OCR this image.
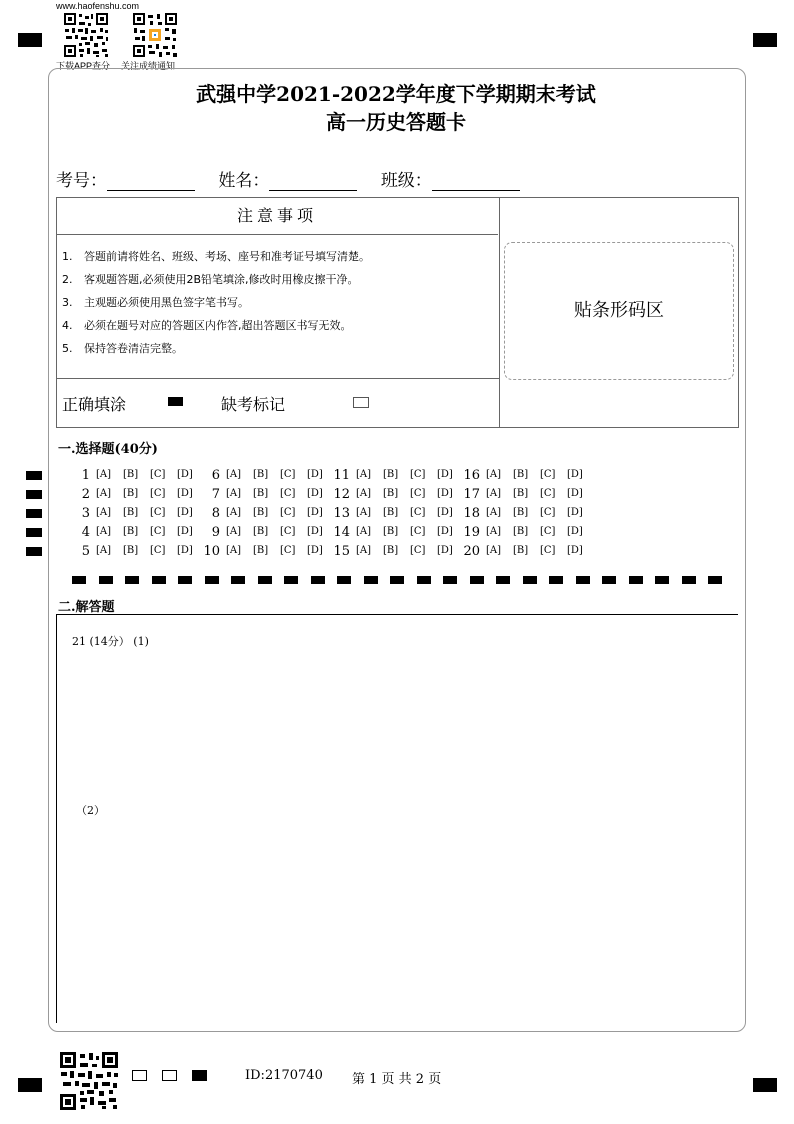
www.haofenshu.com
下载APP查分 关注成绩通知
武强中学2021-2022学年度下学期期末考试
高一历史答题卡
考号：	姓名：	班级：
注意事项
1. 答题前请将姓名、班级、考场、座号和准考证号填写清楚。
2. 客观题答题,必须使用2B铅笔填涂,修改时用橡皮擦干净。
3. 主观题必须使用黑色签字笔书写。
4. 必须在题号对应的答题区内作答,超出答题区书写无效。
5. 保持答卷清洁完整。
正确填涂	缺考标记
贴条形码区
一.选择题(40分)
1 [A] [B] [C] [D]
2 [A] [B] [C] [D]
3 [A] [B] [C] [D]
4 [A] [B] [C] [D]
5 [A] [B] [C] [D]
6 [A] [B] [C] [D]
7 [A] [B] [C] [D]
8 [A] [B] [C] [D]
9 [A] [B] [C] [D]
10 [A] [B] [C] [D]
11 [A] [B] [C] [D]
12 [A] [B] [C] [D]
13 [A] [B] [C] [D]
14 [A] [B] [C] [D]
15 [A] [B] [C] [D]
16 [A] [B] [C] [D]
17 [A] [B] [C] [D]
18 [A] [B] [C] [D]
19 [A] [B] [C] [D]
20 [A] [B] [C] [D]
二.解答题
21 (14分） (1)
（2）
ID:2170740 第 1 页 共 2 页
